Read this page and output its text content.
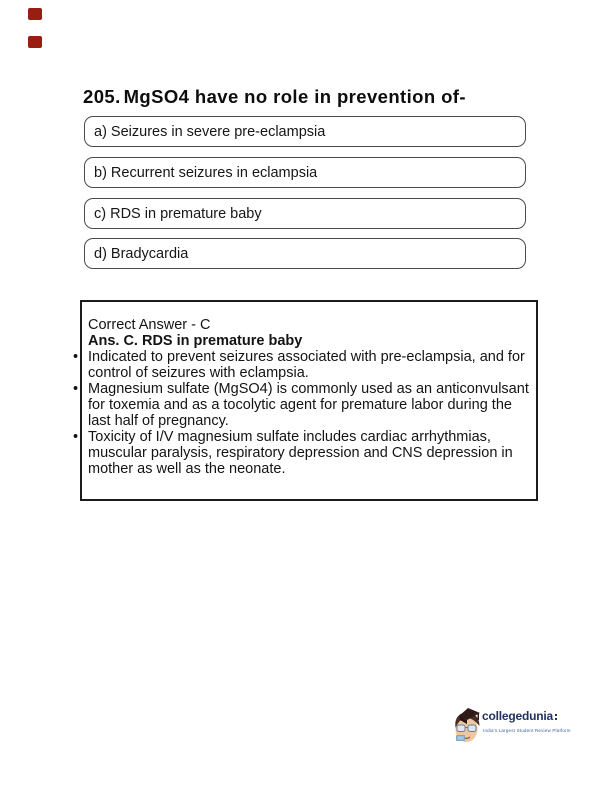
205. MgSO4 have no role in prevention of-
a) Seizures in severe pre-eclampsia
b) Recurrent seizures in eclampsia
c) RDS in premature baby
d) Bradycardia
Correct Answer - C
Ans. C. RDS in premature baby
• Indicated to prevent seizures associated with pre-eclampsia, and for control of seizures with eclampsia.
• Magnesium sulfate (MgSO4) is commonly used as an anticonvulsant for toxemia and as a tocolytic agent for premature labor during the last half of pregnancy.
• Toxicity of I/V magnesium sulfate includes cardiac arrhythmias, muscular paralysis, respiratory depression and CNS depression in mother as well as the neonate.
collegedunia
India's Largest Student Review Platform
